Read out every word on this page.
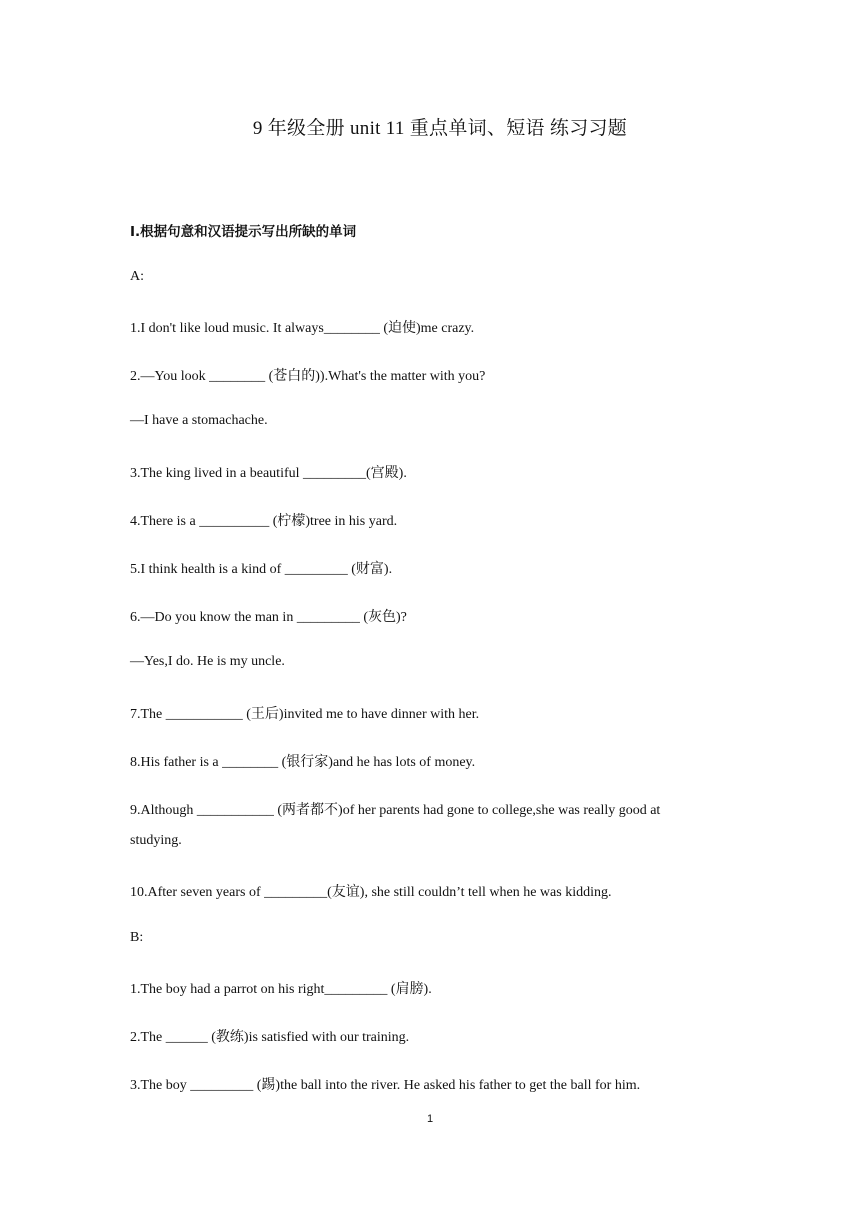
9 年级全册 unit 11 重点单词、短语 练习习题
I.根据句意和汉语提示写出所缺的单词
A:
1.I don't like loud music. It always________ (迫使)me crazy.
2.—You look ________ (苍白的)).What's the matter with you?
—I have a stomachache.
3.The king lived in a beautiful _________(宫殿).
4.There is a __________ (柠檬)tree in his yard.
5.I think health is a kind of _________ (财富).
6.—Do you know the man in _________ (灰色)?
—Yes,I do. He is my uncle.
7.The ___________ (王后)invited me to have dinner with her.
8.His father is a ________ (银行家)and he has lots of money.
9.Although ___________ (两者都不)of her parents had gone to college,she was really good at
studying.
10.After seven years of _________(友谊), she still couldn’t tell when he was kidding.
B:
1.The boy had a parrot on his right_________ (肩膀).
2.The ______ (教练)is satisfied with our training.
3.The boy _________ (踢)the ball into the river. He asked his father to get the ball for him.
1
